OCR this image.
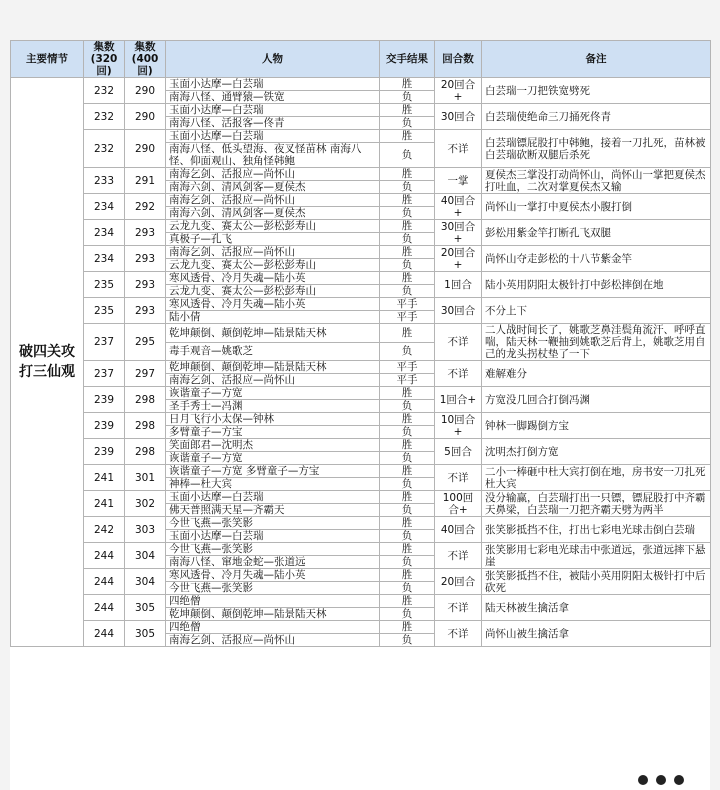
主要情节	集数(320回)	集数(400回)	人物	交手结果	回合数	备注
破四关攻打三仙观	232	290	玉面小达摩—白芸瑞	胜	20回合+	白芸瑞一刀把铁宽劈死
			南海八怪、通臂猿—铁宽	负		
	232	290	玉面小达摩—白芸瑞	胜	30回合	白芸瑞使绝命三刀捅死佟青
			南海八怪、活报客—佟青	负		
	232	290	玉面小达摩—白芸瑞	胜	不详	白芸瑞镖屁股打中韩鲍，接着一刀扎死，苗林被白芸瑞砍断双腿后杀死
			南海八怪、低头望海、夜叉怪苗林 南海八怪、仰面观山、独角怪韩鲍	负		
	233	291	南海乞剑、活报应—尚怀山	胜	一掌	夏侯杰三掌没打动尚怀山，尚怀山一掌把夏侯杰打吐血，二次对掌夏侯杰又输
			南海六剑、清风剑客—夏侯杰	负		
	234	292	南海乞剑、活报应—尚怀山	胜	40回合+	尚怀山一掌打中夏侯杰小腹打倒
			南海六剑、清风剑客—夏侯杰	负		
	234	293	云龙九变、赛太公—彭松彭寿山	胜	30回合+	彭松用紫金竿打断孔飞双腿
			真极子—孔飞	负		
	234	293	南海乞剑、活报应—尚怀山	胜	20回合+	尚怀山夺走彭松的十八节紫金竿
			云龙九变、赛太公—彭松彭寿山	负		
	235	293	寒风透骨、冷月失魂—陆小英	胜	1回合	陆小英用阴阳太极针打中彭松摔倒在地
			云龙九变、赛太公—彭松彭寿山	负		
	235	293	寒风透骨、冷月失魂—陆小英	平手	30回合	不分上下
			陆小倩	平手		
	237	295	乾坤颠倒、颠倒乾坤—陆景陆天林	胜	不详	二人战时间长了，姚歌芝鼻洼鬓角流汗、呼呼直喘，陆天林一鞭抽到姚歌芝后背上，姚歌芝用自己的龙头拐杖垫了一下
			毒手观音—姚歌芝	负		
	237	297	乾坤颠倒、颠倒乾坤—陆景陆天林	平手	不详	难解难分
			南海乞剑、活报应—尚怀山	平手		
	239	298	诙谐童子—方宽	胜	1回合+	方宽没几回合打倒冯渊
			圣手秀士—冯渊	负		
	239	298	日月飞行小太保—钟林	胜	10回合+	钟林一脚踢倒方宝
			多臂童子—方宝	负		
	239	298	笑面郎君—沈明杰	胜	5回合	沈明杰打倒方宽
			诙谐童子—方宽	负		
	241	301	诙谐童子—方宽 多臂童子—方宝	胜	不详	二小一棒砸中杜大宾打倒在地，房书安一刀扎死杜大宾
			神棒—杜大宾	负		
	241	302	玉面小达摩—白芸瑞	胜	100回合+	没分输赢，白芸瑞打出一只镖，镖屁股打中齐霸天鼻梁，白芸瑞一刀把齐霸天劈为两半
			佛天普照满天星—齐霸天	负		
	242	303	今世飞燕—张笑影	胜	40回合	张笑影抵挡不住，打出七彩电光球击倒白芸瑞
			玉面小达摩—白芸瑞	负		
	244	304	今世飞燕—张笑影	胜	不详	张笑影用七彩电光球击中张道远，张道远摔下悬崖
			南海八怪、窜地金蛇—张道远	负		
	244	304	寒风透骨、冷月失魂—陆小英	胜	20回合	张笑影抵挡不住，被陆小英用阴阳太极针打中后砍死
			今世飞燕—张笑影	负		
	244	305	四绝僧	胜	不详	陆天林被生擒活拿
			乾坤颠倒、颠倒乾坤—陆景陆天林	负		
	244	305	四绝僧	胜	不详	尚怀山被生擒活拿
			南海乞剑、活报应—尚怀山	负		
